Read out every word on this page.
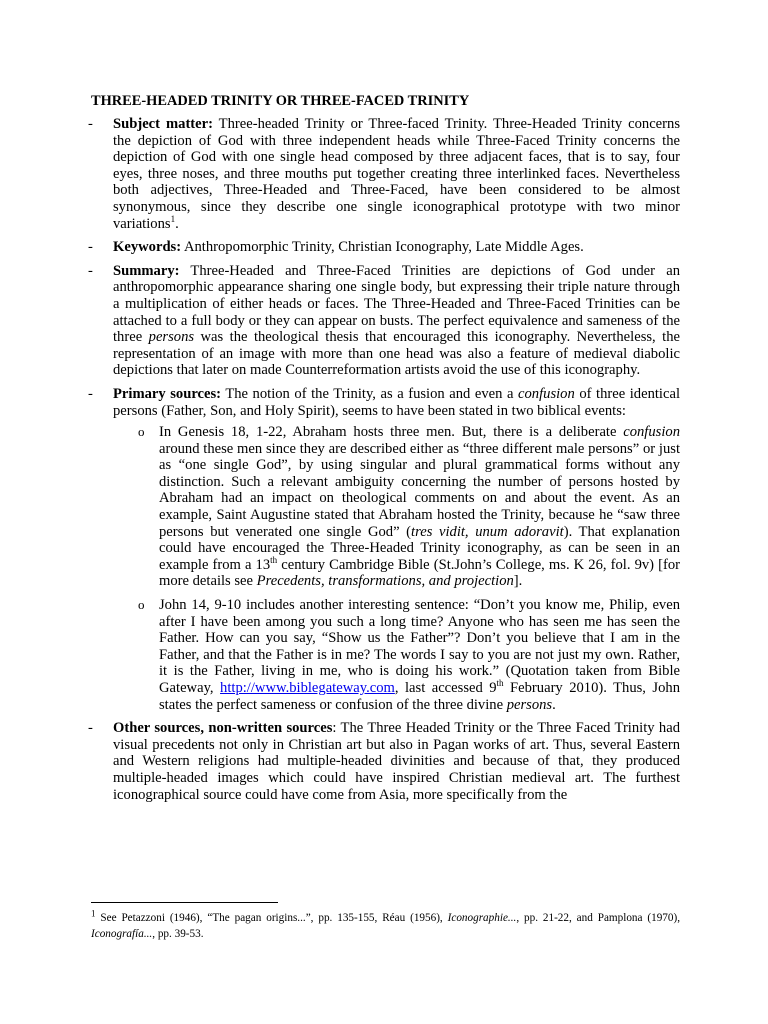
THREE-HEADED TRINITY OR THREE-FACED TRINITY
-	Subject matter: Three-headed Trinity or Three-faced Trinity. Three-Headed Trinity concerns the depiction of God with three independent heads while Three-Faced Trinity concerns the depiction of God with one single head composed by three adjacent faces, that is to say, four eyes, three noses, and three mouths put together creating three interlinked faces. Nevertheless both adjectives, Three-Headed and Three-Faced, have been considered to be almost synonymous, since they describe one single iconographical prototype with two minor variations$^1$.
-	Keywords: Anthropomorphic Trinity, Christian Iconography, Late Middle Ages.
-	Summary: Three-Headed and Three-Faced Trinities are depictions of God under an anthropomorphic appearance sharing one single body, but expressing their triple nature through a multiplication of either heads or faces. The Three-Headed and Three-Faced Trinities can be attached to a full body or they can appear on busts. The perfect equivalence and sameness of the three persons was the theological thesis that encouraged this iconography. Nevertheless, the representation of an image with more than one head was also a feature of medieval diabolic depictions that later on made Counterreformation artists avoid the use of this iconography.
-	Primary sources: The notion of the Trinity, as a fusion and even a confusion of three identical persons (Father, Son, and Holy Spirit), seems to have been stated in two biblical events:
o In Genesis 18, 1-22, Abraham hosts three men. But, there is a deliberate confusion around these men since they are described either as “three different male persons” or just as “one single God”, by using singular and plural grammatical forms without any distinction. Such a relevant ambiguity concerning the number of persons hosted by Abraham had an impact on theological comments on and about the event. As an example, Saint Augustine stated that Abraham hosted the Trinity, because he “saw three persons but venerated one single God” (tres vidit, unum adoravit). That explanation could have encouraged the Three-Headed Trinity iconography, as can be seen in an example from a 13th century Cambridge Bible (St.John’s College, ms. K 26, fol. 9v) [for more details see Precedents, transformations, and projection].
o John 14, 9-10 includes another interesting sentence: “Don’t you know me, Philip, even after I have been among you such a long time? Anyone who has seen me has seen the Father. How can you say, “Show us the Father”? Don’t you believe that I am in the Father, and that the Father is in me? The words I say to you are not just my own. Rather, it is the Father, living in me, who is doing his work.” (Quotation taken from Bible Gateway, http://www.biblegateway.com, last accessed 9th February 2010). Thus, John states the perfect sameness or confusion of the three divine persons.
-	Other sources, non-written sources: The Three Headed Trinity or the Three Faced Trinity had visual precedents not only in Christian art but also in Pagan works of art. Thus, several Eastern and Western religions had multiple-headed divinities and because of that, they produced multiple-headed images which could have inspired Christian medieval art. The furthest iconographical source could have come from Asia, more specifically from the
$^1$ See Petazzoni (1946), “The pagan origins...”, pp. 135-155, Réau (1956), Iconographie..., pp. 21-22, and Pamplona (1970), Iconografía..., pp. 39-53.
